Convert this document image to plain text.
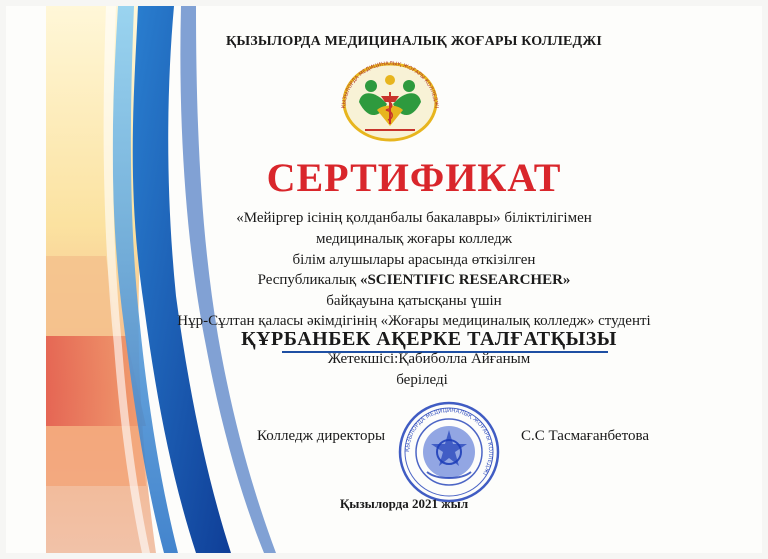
ҚЫЗЫЛОРДА МЕДИЦИНАЛЫҚ ЖОҒАРЫ КОЛЛЕДЖІ
ҚЫЗЫЛОРДА МЕДИЦИНАЛЫҚ ЖОҒАРЫ КОЛЛЕДЖІ
СЕРТИФИКАТ
«Мейіргер ісінің қолданбалы бакалавры» біліктілігімен
медициналық жоғары колледж
білім алушылары арасында өткізілген
Республикалық «SCIENTIFIC RESEARCHER»
байқауына қатысқаны үшін
Нұр-Сұлтан қаласы әкімдігінің «Жоғары медициналық колледж» студенті
ҚҰРБАНБЕК АҚЕРКЕ ТАЛҒАТҚЫЗЫ
Жетекшісі:Қабиболла Айғаным
беріледі
Колледж директоры	С.С Тасмағанбетова
ҚЫЗЫЛОРДА МЕДИЦИНАЛЫҚ ЖОҒАРЫ КОЛЛЕДЖІ
Қызылорда 2021 жыл
